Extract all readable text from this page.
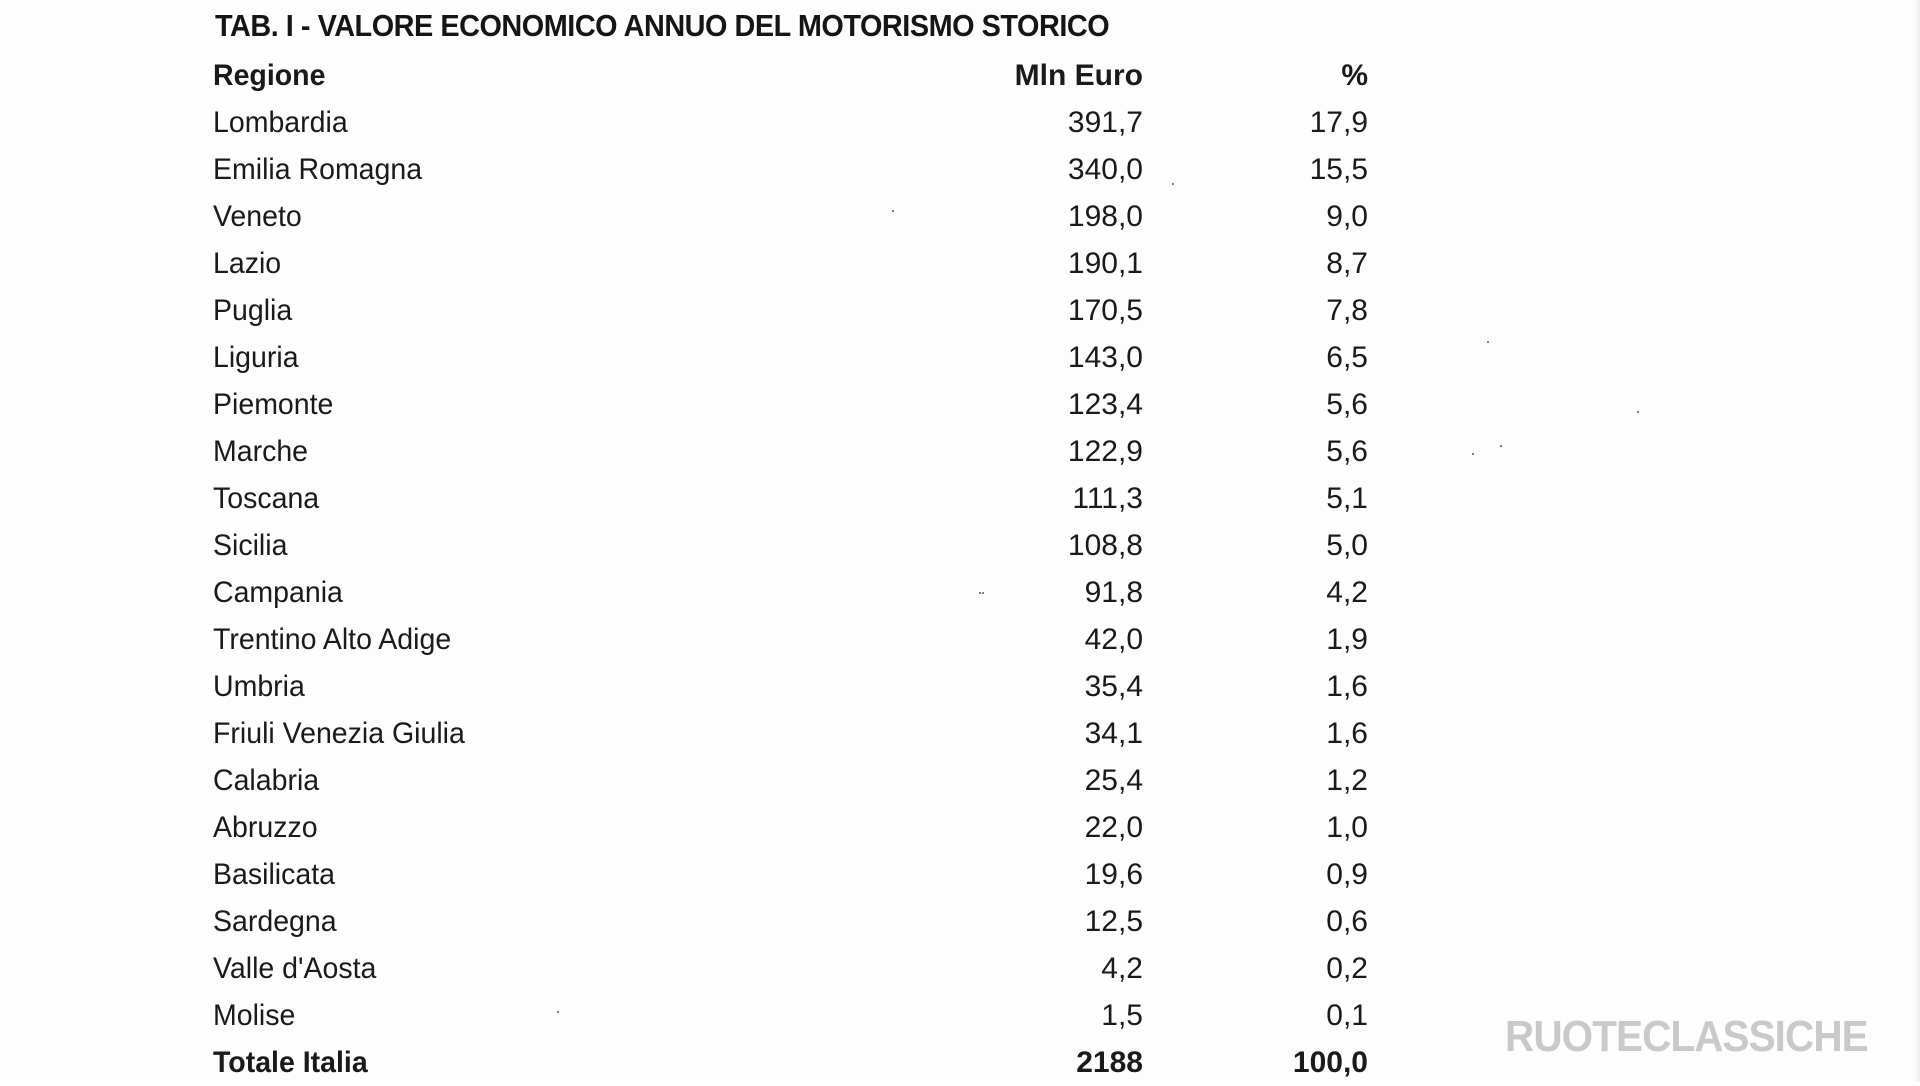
TAB. I - VALORE ECONOMICO ANNUO DEL MOTORISMO STORICO
Regione	Mln Euro	%
Lombardia	391,7	17,9
Emilia Romagna	340,0	15,5
Veneto	198,0	9,0
Lazio	190,1	8,7
Puglia	170,5	7,8
Liguria	143,0	6,5
Piemonte	123,4	5,6
Marche	122,9	5,6
Toscana	111,3	5,1
Sicilia	108,8	5,0
Campania	91,8	4,2
Trentino Alto Adige	42,0	1,9
Umbria	35,4	1,6
Friuli Venezia Giulia	34,1	1,6
Calabria	25,4	1,2
Abruzzo	22,0	1,0
Basilicata	19,6	0,9
Sardegna	12,5	0,6
Valle d'Aosta	4,2	0,2
Molise	1,5	0,1
Totale Italia	2188	100,0
RUOTECLASSICHE
